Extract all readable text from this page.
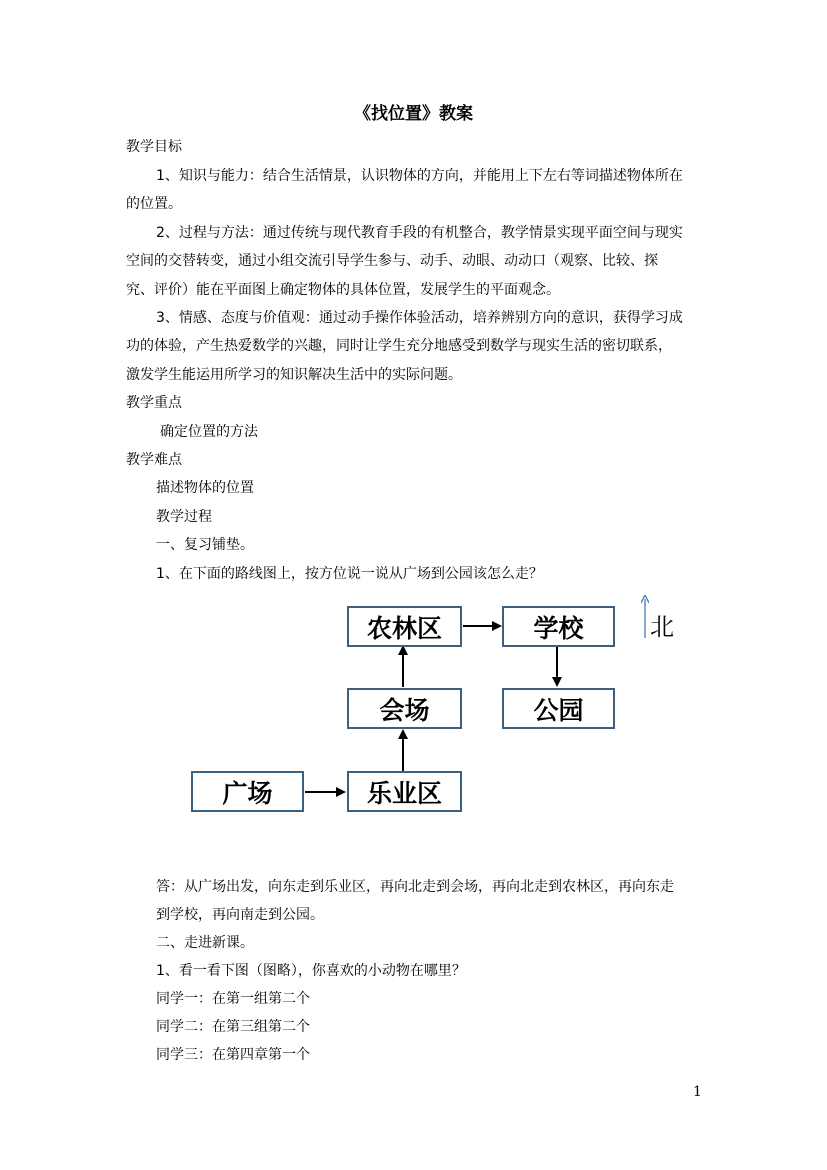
《找位置》教案
教学目标
1、知识与能力：结合生活情景，认识物体的方向，并能用上下左右等词描述物体所在
的位置。
2、过程与方法：通过传统与现代教育手段的有机整合，教学情景实现平面空间与现实
空间的交替转变，通过小组交流引导学生参与、动手、动眼、动动口（观察、比较、探
究、评价）能在平面图上确定物体的具体位置，发展学生的平面观念。
3、情感、态度与价值观：通过动手操作体验活动，培养辨别方向的意识，获得学习成
功的体验，产生热爱数学的兴趣，同时让学生充分地感受到数学与现实生活的密切联系，
激发学生能运用所学习的知识解决生活中的实际问题。
教学重点
确定位置的方法
教学难点
描述物体的位置
教学过程
一、复习铺垫。
1、在下面的路线图上，按方位说一说从广场到公园该怎么走？
农林区	学校
会场	公园
广场	乐业区
北
答：从广场出发，向东走到乐业区，再向北走到会场，再向北走到农林区，再向东走
到学校，再向南走到公园。
二、走进新课。
1、看一看下图（图略），你喜欢的小动物在哪里？
同学一：在第一组第二个
同学二：在第三组第二个
同学三：在第四章第一个
1
